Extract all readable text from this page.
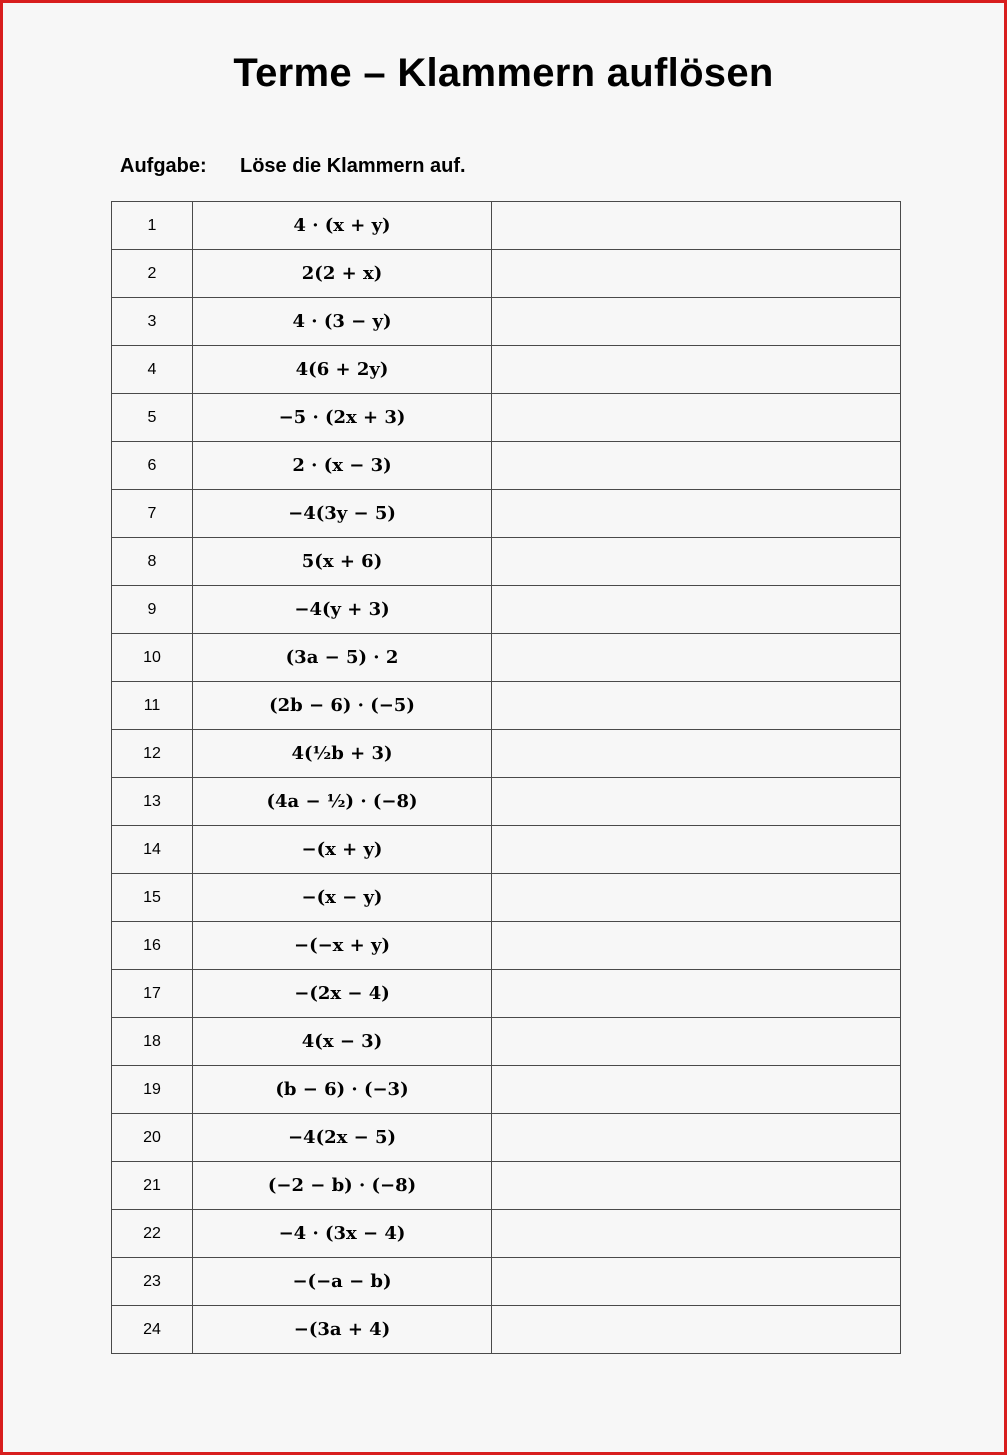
Terme – Klammern auflösen
Aufgabe: Löse die Klammern auf.
1	4 · (x + y)	
2	2(2 + x)	
3	4 · (3 − y)	
4	4(6 + 2y)	
5	−5 · (2x + 3)	
6	2 · (x − 3)	
7	−4(3y − 5)	
8	5(x + 6)	
9	−4(y + 3)	
10	(3a − 5) · 2	
11	(2b − 6) · (−5)	
12	4(½b + 3)	
13	(4a − ½) · (−8)	
14	−(x + y)	
15	−(x − y)	
16	−(−x + y)	
17	−(2x − 4)	
18	4(x − 3)	
19	(b − 6) · (−3)	
20	−4(2x − 5)	
21	(−2 − b) · (−8)	
22	−4 · (3x − 4)	
23	−(−a − b)	
24	−(3a + 4)	
